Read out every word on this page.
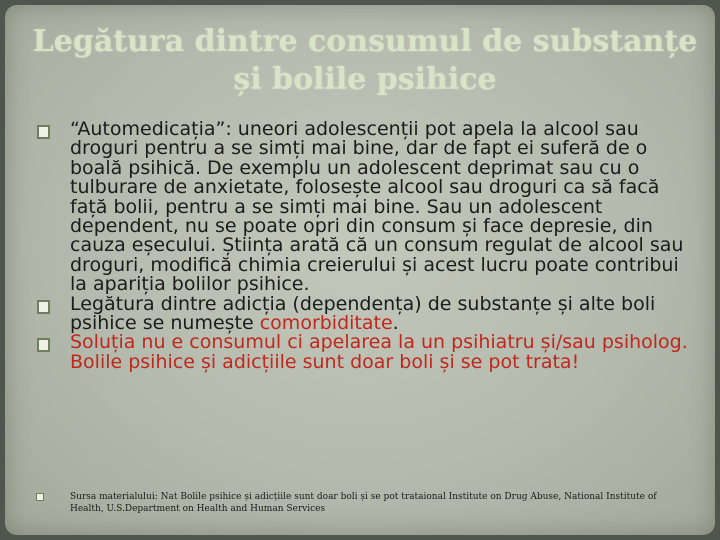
Legătura dintre consumul de substanțe
și bolile psihice
“Automedicația”: uneori adolescenții pot apela la alcool sau droguri pentru a se simți mai bine, dar de fapt ei suferă de o boală psihică. De exemplu un adolescent deprimat sau cu o tulburare de anxietate, folosește alcool sau droguri ca să facă față bolii, pentru a se simți mai bine. Sau un adolescent dependent, nu se poate opri din consum și face depresie, din cauza eșecului. Știința arată că un consum regulat de alcool sau droguri, modifică chimia creierului și acest lucru poate contribui la apariția bolilor psihice.
Legătura dintre adicția (dependența) de substanțe și alte boli psihice se numește comorbiditate.
Soluția nu e consumul ci apelarea la un psihiatru și/sau psiholog. Bolile psihice și adicțiile sunt doar boli și se pot trata!
Sursa materialului: Nat Bolile psihice și adicțiile sunt doar boli și se pot trataional Institute on Drug Abuse, National Institute of Health, U.S.Department on Health and Human Services
